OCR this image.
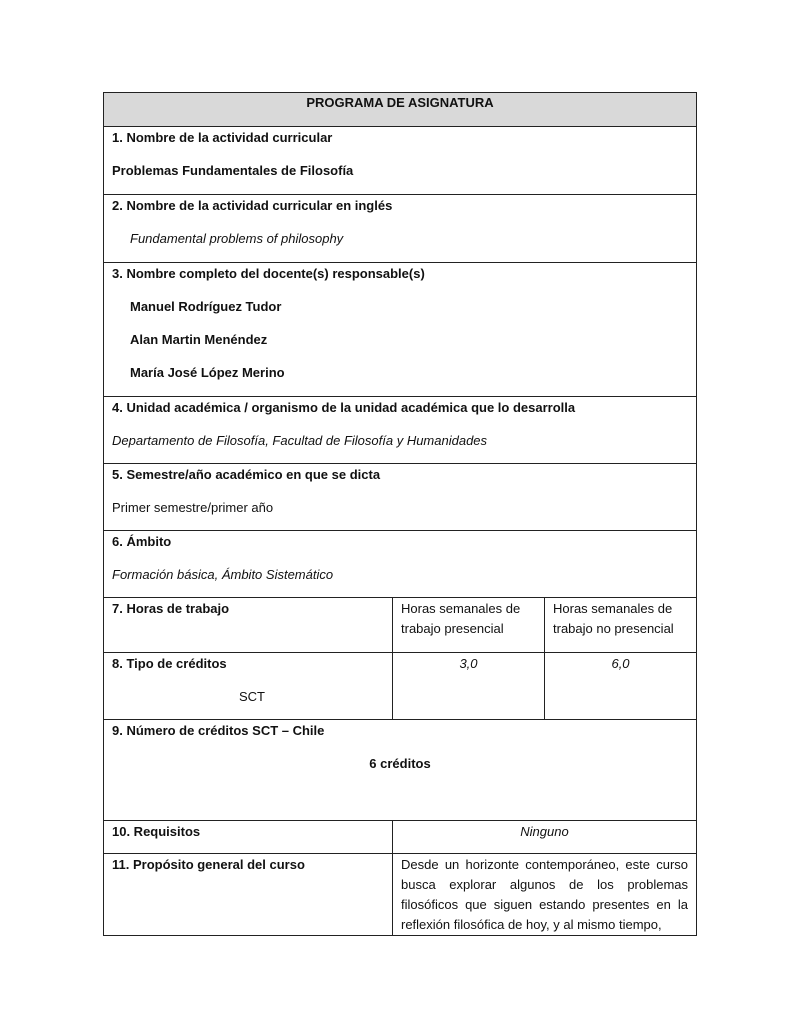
PROGRAMA DE ASIGNATURA		

1. Nombre de la actividad curricular

Problemas Fundamentales de Filosofía		

2. Nombre de la actividad curricular en inglés

Fundamental problems of philosophy		

3. Nombre completo del docente(s) responsable(s)

Manuel Rodríguez Tudor

Alan Martin Menéndez

María José López Merino		

4. Unidad académica / organismo de la unidad académica que lo desarrolla

Departamento de Filosofía, Facultad de Filosofía y Humanidades		

5. Semestre/año académico en que se dicta

Primer semestre/primer año		

6. Ámbito

Formación básica, Ámbito Sistemático		

7. Horas de trabajo	Horas semanales de trabajo presencial	Horas semanales de trabajo no presencial

8. Tipo de créditos

SCT	3,0	6,0

9. Número de créditos SCT – Chile

6 créditos		

10. Requisitos	Ninguno	

11. Propósito general del curso	Desde un horizonte contemporáneo, este curso busca explorar algunos de los problemas filosóficos que siguen estando presentes en la reflexión filosófica de hoy, y al mismo tiempo,	
